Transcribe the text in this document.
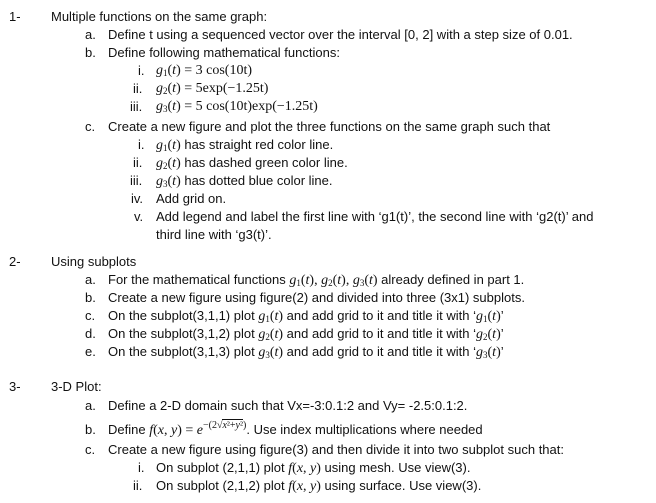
1- Multiple functions on the same graph:
a. Define t using a sequenced vector over the interval [0, 2] with a step size of 0.01.
b. Define following mathematical functions:
i. $g_1(t) = 3$ cos(10t)
ii. $g_2(t) = 5\exp(-1.25t)$
iii. $g_3(t) = 5$ cos(10t)exp(−1.25t)
c. Create a new figure and plot the three functions on the same graph such that
i. $g_1(t)$ has straight red color line.
ii. $g_2(t)$ has dashed green color line.
iii. $g_3(t)$ has dotted blue color line.
iv. Add grid on.
v. Add legend and label the first line with ‘g1(t)’, the second line with ‘g2(t)’ and
third line with ‘g3(t)’.
2- Using subplots
a. For the mathematical functions $g_1(t)$, $g_2(t)$, $g_3(t)$ already defined in part 1.
b. Create a new figure using figure(2) and divided into three (3x1) subplots.
c. On the subplot(3,1,1) plot $g_1(t)$ and add grid to it and title it with ‘$g_1(t)$’
d. On the subplot(3,1,2) plot $g_2(t)$ and add grid to it and title it with ‘$g_2(t)$’
e. On the subplot(3,1,3) plot $g_3(t)$ and add grid to it and title it with ‘$g_3(t)$’
3- 3-D Plot:
a. Define a 2-D domain such that Vx=-3:0.1:2 and Vy= -2.5:0.1:2.
b. Define f(x, $y) = e^{-(2√x^2+y^2)}$. Use index multiplications where needed
c. Create a new figure using figure(3) and then divide it into two subplot such that:
i. On subplot (2,1,1) plot f(x, y) using mesh. Use view(3).
ii. On subplot (2,1,2) plot f(x, y) using surface. Use view(3).
